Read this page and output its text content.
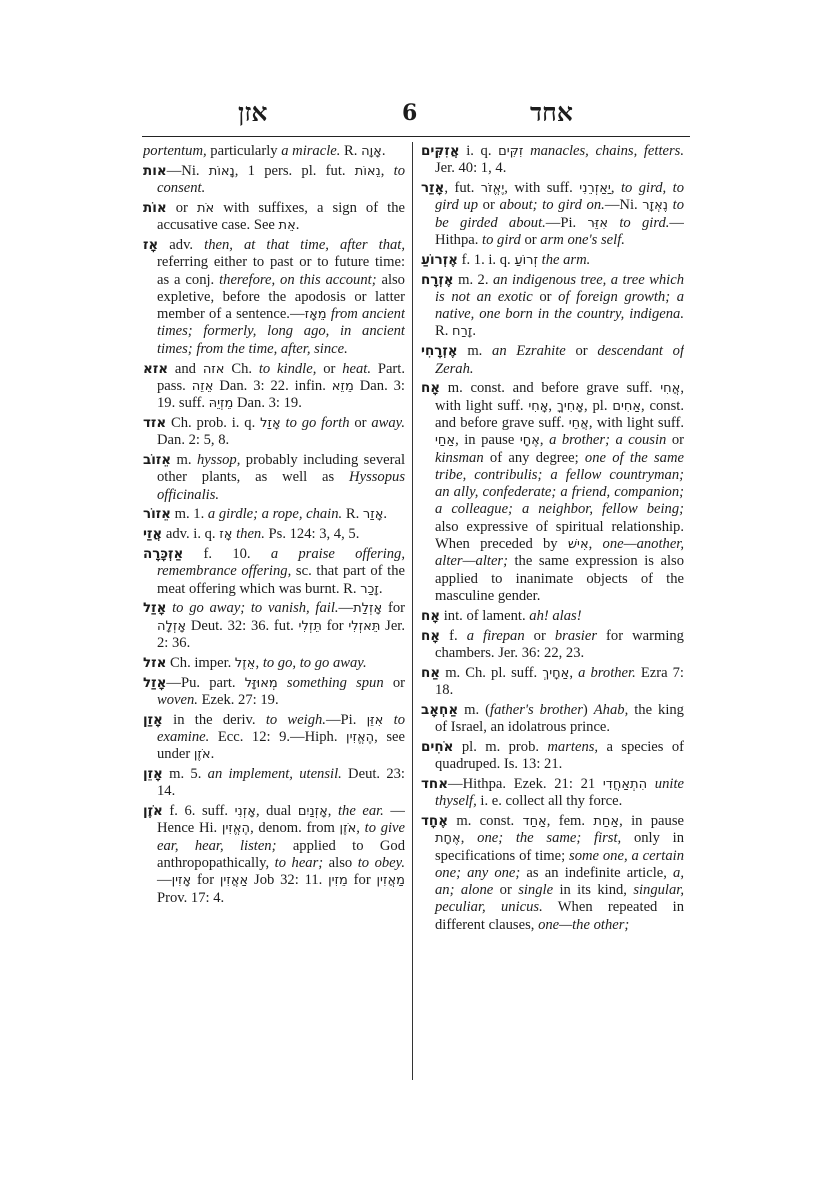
אזן	6	אחד

portentum, particularly a miracle. R. אָוָה.

אות—Ni. נָאוֹת, 1 pers. pl. fut. נֵאוֹת, to consent.

אוֹת or אֹת with suffixes, a sign of the accusative case. See אֵת.

אָז adv. then, at that time, after that, referring either to past or to future time: as a conj. therefore, on this account; also expletive, before the apodosis or latter member of a sentence.—מֵאָז from ancient times; formerly, long ago, in ancient times; from the time, after, since.

אזא and אזה Ch. to kindle, or heat. Part. pass. אֵזֵה Dan. 3: 22. infin. מֵזֵא Dan. 3: 19. suff. מֵזְיֵהּ Dan. 3: 19.

אזד Ch. prob. i. q. אָזַל to go forth or away. Dan. 2: 5, 8.

אֵזוֹב m. hyssop, probably including several other plants, as well as Hyssopus officinalis.

אֵזוֹר m. 1. a girdle; a rope, chain. R. אָזַר.

אֲזַי adv. i. q. אָז then. Ps. 124: 3, 4, 5.

אַזְכָּרָה f. 10. a praise offering, remembrance offering, sc. that part of the meat offering which was burnt. R. זָכַר.

אָזַל to go away; to vanish, fail.—אָזְלַת for אָזְלָה Deut. 32: 36. fut. תֵּזְלִי for תֵּאזְלִי Jer. 2: 36.

אזל Ch. imper. אֵזֶל, to go, to go away.

אָזַל—Pu. part. מְאוּזָּל something spun or woven. Ezek. 27: 19.

אָזַן in the deriv. to weigh.—Pi. אִזֵּן to examine. Ecc. 12: 9.—Hiph. הֶאֱזִין, see under אֹזֶן.

אָזֵן m. 5. an implement, utensil. Deut. 23: 14.

אֹזֶן f. 6. suff. אָזְנִי, dual אָזְנַיִם, the ear. —Hence Hi. הֶאֱזִין, denom. from אֹזֶן, to give ear, hear, listen; applied to God anthropopathically, to hear; also to obey.—אָזִין for אַאֲזִין Job 32: 11. מֵזִין for מַאֲזִין Prov. 17: 4.

אֲזִקִּים i. q. זִקִּים manacles, chains, fetters. Jer. 40: 1, 4.

אָזַר, fut. יֶאֱזֹר, with suff. יַאַזְרֵנִי, to gird, to gird up or about; to gird on.—Ni. נֶאְזָר to be girded about.—Pi. אִזֵּר to gird.—Hithpa. to gird or arm one's self.

אֶזְרוֹעַ f. 1. i. q. זְרוֹעַ the arm.

אֶזְרָח m. 2. an indigenous tree, a tree which is not an exotic or of foreign growth; a native, one born in the country, indigena. R. זָרַח.

אֶזְרָחִי m. an Ezrahite or descendant of Zerah.

אָח m. const. and before grave suff. אֲחִי, with light suff. אָחִי, אָחִיךָ, pl. אַחִים, const. and before grave suff. אֲחֵי, with light suff. אַחַי, in pause אֶחָי, a brother; a cousin or kinsman of any degree; one of the same tribe, contribulis; a fellow countryman; an ally, confederate; a friend, companion; a colleague; a neighbor, fellow being; also expressive of spiritual relationship. When preceded by אִישׁ, one—another, alter—alter; the same expression is also applied to inanimate objects of the masculine gender.

אָח int. of lament. ah! alas!

אָח f. a firepan or brasier for warming chambers. Jer. 36: 22, 23.

אַח m. Ch. pl. suff. אַחָיךְ, a brother. Ezra 7: 18.

אַחְאָב m. (father's brother) Ahab, the king of Israel, an idolatrous prince.

אֹחִים pl. m. prob. martens, a species of quadruped. Is. 13: 21.

אחד—Hithpa. Ezek. 21: 21 הִתְאַחֲדִי unite thyself, i. e. collect all thy force.

אֶחָד m. const. אַחַד, fem. אַחַת, in pause אֶחָת, one; the same; first, only in specifications of time; some one, a certain one; any one; as an indefinite article, a, an; alone or single in its kind, singular, peculiar, unicus. When repeated in different clauses, one—the other;
